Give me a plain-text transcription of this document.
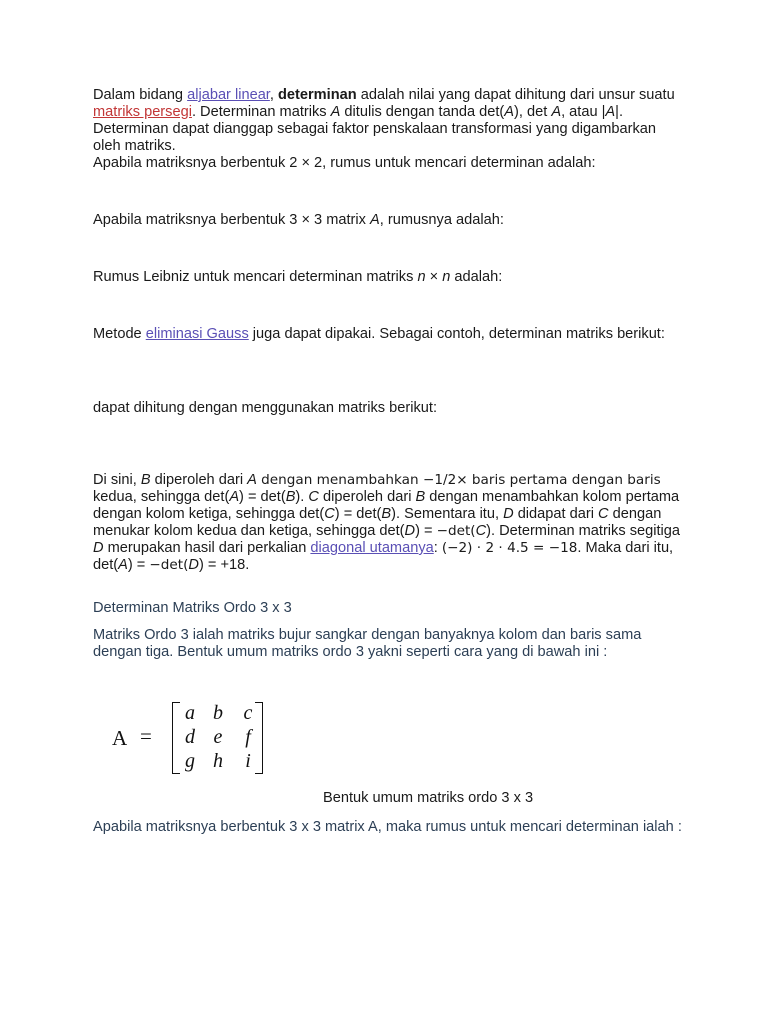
Dalam bidang aljabar linear, determinan adalah nilai yang dapat dihitung dari unsur suatu matriks persegi. Determinan matriks A ditulis dengan tanda det(A), det A, atau |A|. Determinan dapat dianggap sebagai faktor penskalaan transformasi yang digambarkan oleh matriks.
Apabila matriksnya berbentuk 2 × 2, rumus untuk mencari determinan adalah:
Apabila matriksnya berbentuk 3 × 3 matrix A, rumusnya adalah:
Rumus Leibniz untuk mencari determinan matriks n × n adalah:
Metode eliminasi Gauss juga dapat dipakai. Sebagai contoh, determinan matriks berikut:
dapat dihitung dengan menggunakan matriks berikut:
Di sini, B diperoleh dari A dengan menambahkan −1/2× baris pertama dengan baris kedua, sehingga det(A) = det(B). C diperoleh dari B dengan menambahkan kolom pertama dengan kolom ketiga, sehingga det(C) = det(B). Sementara itu, D didapat dari C dengan menukar kolom kedua dan ketiga, sehingga det(D) = −det(C). Determinan matriks segitiga D merupakan hasil dari perkalian diagonal utamanya: (−2) · 2 · 4.5 = −18. Maka dari itu, det(A) = −det(D) = +18.
Determinan Matriks Ordo 3 x 3
Matriks Ordo 3 ialah matriks bujur sangkar dengan banyaknya kolom dan baris sama dengan tiga. Bentuk umum matriks ordo 3 yakni seperti cara yang di bawah ini :
A =
a b c
d e	f
g h	i
Bentuk umum matriks ordo 3 x 3
Apabila matriksnya berbentuk 3 x 3 matrix A, maka rumus untuk mencari determinan ialah :
